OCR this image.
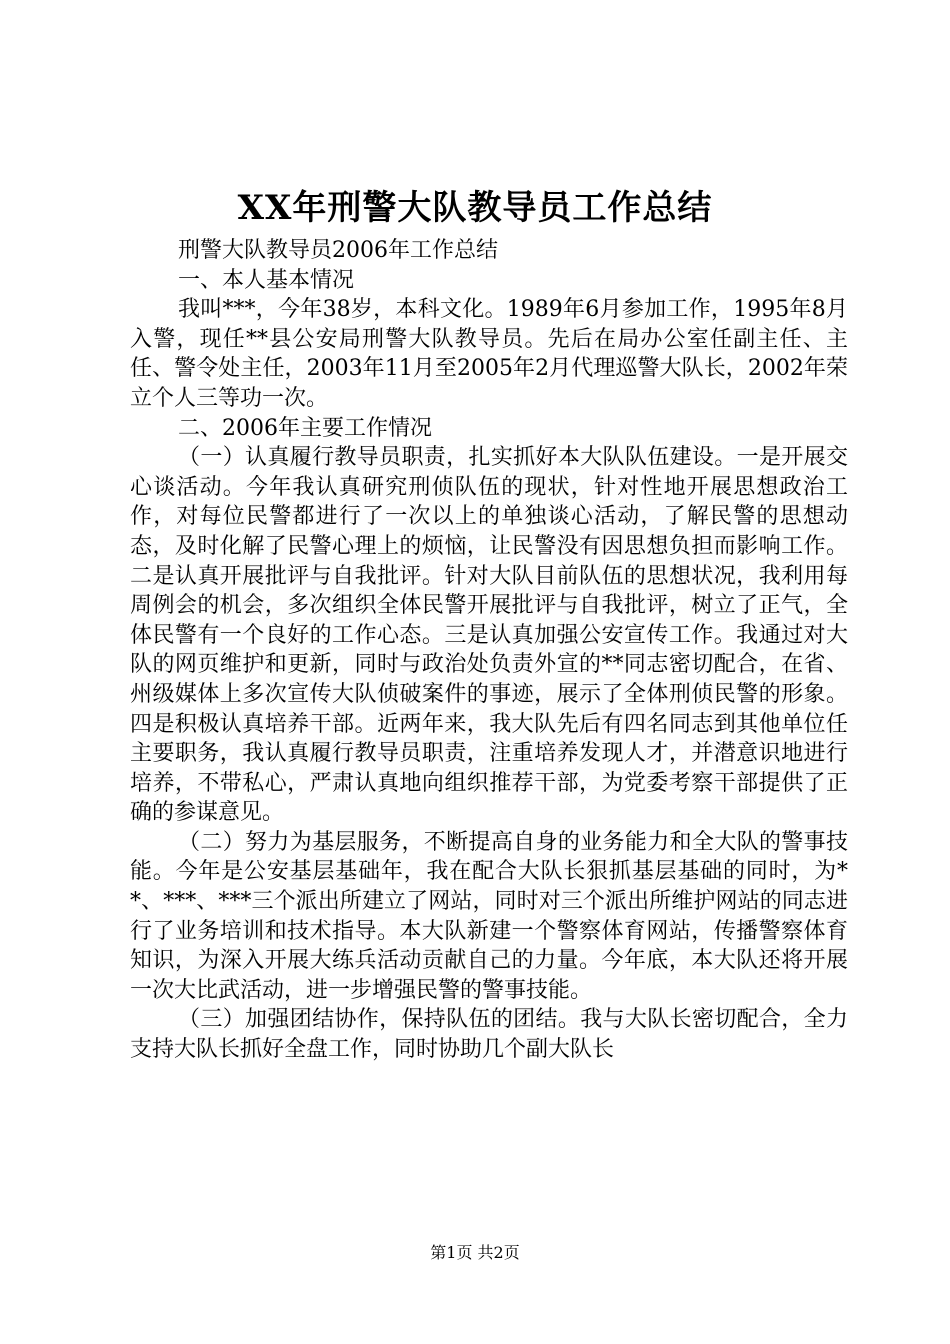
XX年刑警大队教导员工作总结

刑警大队教导员2006年工作总结

一、本人基本情况

我叫***，今年38岁，本科文化。1989年6月参加工作，1995年8月入警，现任**县公安局刑警大队教导员。先后在局办公室任副主任、主任、警令处主任，2003年11月至2005年2月代理巡警大队长，2002年荣立个人三等功一次。

二、2006年主要工作情况

（一）认真履行教导员职责，扎实抓好本大队队伍建设。一是开展交心谈活动。今年我认真研究刑侦队伍的现状，针对性地开展思想政治工作，对每位民警都进行了一次以上的单独谈心活动，了解民警的思想动态，及时化解了民警心理上的烦恼，让民警没有因思想负担而影响工作。二是认真开展批评与自我批评。针对大队目前队伍的思想状况，我利用每周例会的机会，多次组织全体民警开展批评与自我批评，树立了正气，全体民警有一个良好的工作心态。三是认真加强公安宣传工作。我通过对大队的网页维护和更新，同时与政治处负责外宣的**同志密切配合，在省、州级媒体上多次宣传大队侦破案件的事迹，展示了全体刑侦民警的形象。四是积极认真培养干部。近两年来，我大队先后有四名同志到其他单位任主要职务，我认真履行教导员职责，注重培养发现人才，并潜意识地进行培养，不带私心，严肃认真地向组织推荐干部，为党委考察干部提供了正确的参谋意见。

（二）努力为基层服务，不断提高自身的业务能力和全大队的警事技能。今年是公安基层基础年，我在配合大队长狠抓基层基础的同时，为**、***、***三个派出所建立了网站，同时对三个派出所维护网站的同志进行了业务培训和技术指导。本大队新建一个警察体育网站，传播警察体育知识，为深入开展大练兵活动贡献自己的力量。今年底，本大队还将开展一次大比武活动，进一步增强民警的警事技能。

（三）加强团结协作，保持队伍的团结。我与大队长密切配合，全力支持大队长抓好全盘工作，同时协助几个副大队长

第1页 共2页
